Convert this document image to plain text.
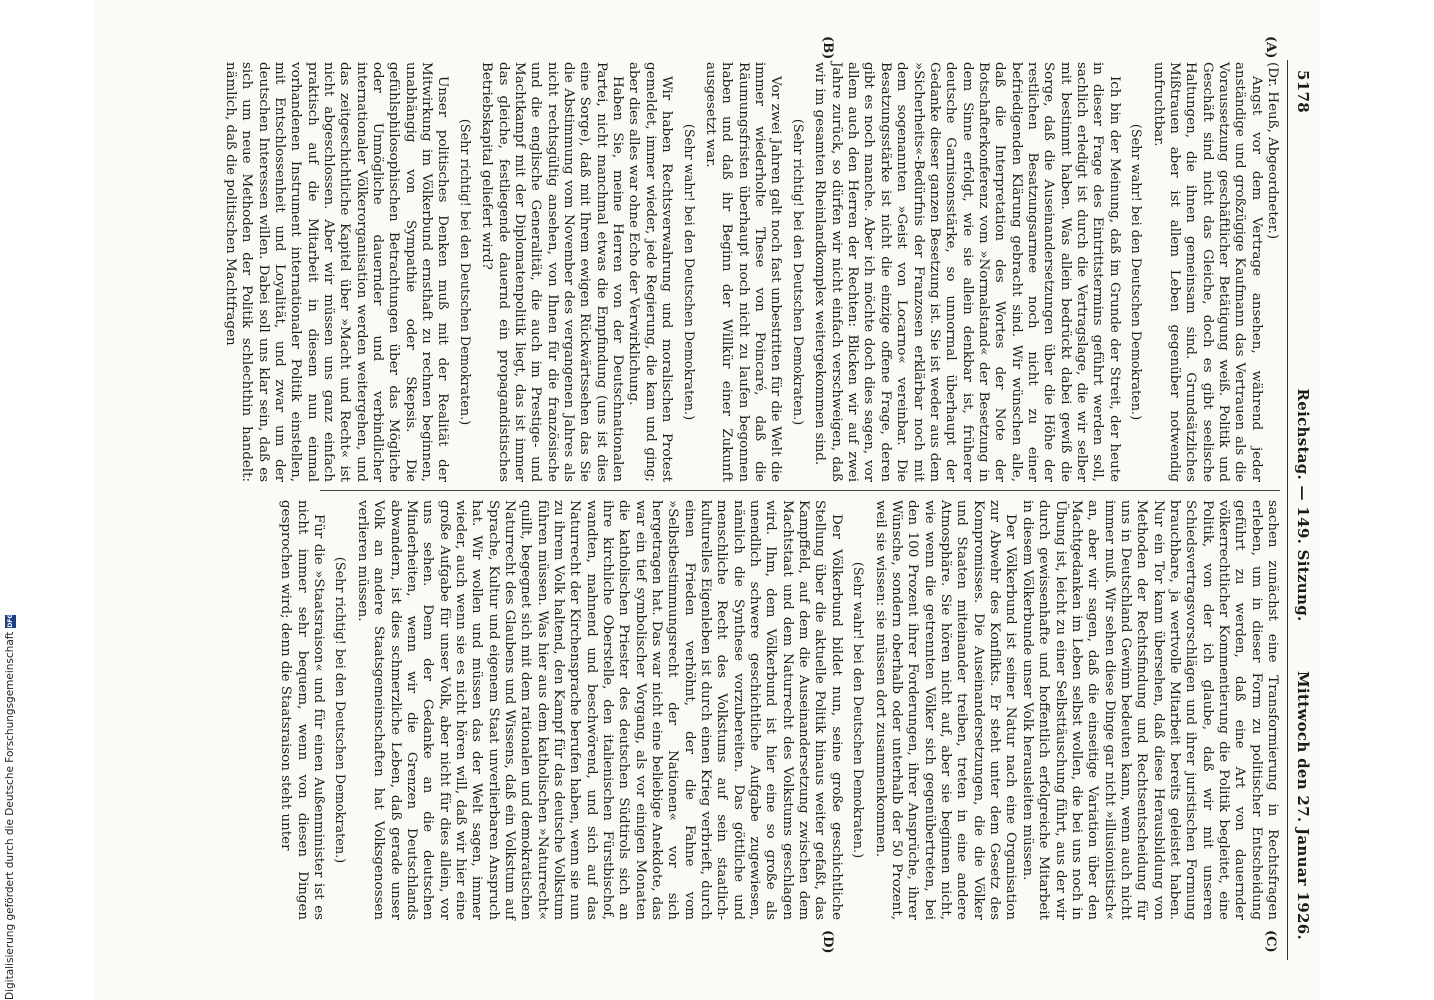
5178
Reichstag. — 149. Sitzung.
Mittwoch den 27. Januar 1926.
(A)
(B)
(C)
(D)

(Dr. Heuß, Abgeordneter.)

Angst vor dem Vertrage ansehen, während jeder anständige und großzügige Kaufmann das Vertrauen als die Voraussetzung geschäftlicher Betätigung weiß. Politik und Geschäft sind nicht das Gleiche, doch es gibt seelische Haltungen, die ihnen gemeinsam sind. Grundsätzliches Mißtrauen aber ist allem Leben gegenüber notwendig unfruchtbar.

(Sehr wahr! bei den Deutschen Demokraten.)

Ich bin der Meinung, daß im Grunde der Streit, der heute in dieser Frage des Eintrittstermins geführt werden soll, sachlich erledigt ist durch die Vertragslage, die wir selber mit bestimmt haben. Was allein bedrückt dabei gewiß die Sorge, daß die Auseinandersetzungen über die Höhe der restlichen Besatzungsarmee noch nicht zu einer befriedigenden Klärung gebracht sind. Wir wünschen alle, daß die Interpretation des Wortes der Note der Botschafterkonferenz vom »Normalstand« der Besetzung in dem Sinne erfolgt, wie sie allein denkbar ist, früherer deutsche Garnisonsstärke, so unnormal überhaupt der Gedanke dieser ganzen Besetzung ist. Sie ist weder aus dem »Sicherheits«-Bedürfnis der Franzosen erklärbar noch mit dem sogenannten »Geist von Locarno« vereinbar. Die Besatzungsstärke ist nicht die einzige offene Frage, deren gibt es noch manche. Aber ich möchte doch dies sagen, vor allem auch den Herren der Rechten: Blicken wir auf zwei Jahre zurück, so dürfen wir nicht einfach verschweigen, daß wir im gesamten Rheinlandkomplex weitergekommen sind.

(Sehr richtig! bei den Deutschen Demokraten.)

Vor zwei Jahren galt noch fast unbestritten für die Welt die immer wiederholte These von Poincaré, daß die Räumungsfristen überhaupt noch nicht zu laufen begonnen haben und daß ihr Beginn der Willkür einer Zukunft ausgesetzt war.

(Sehr wahr! bei den Deutschen Demokraten.)

Wir haben Rechtsverwahrung und moralischen Protest gemeldet, immer wieder, jede Regierung, die kam und ging; aber dies alles war ohne Echo der Verwirklichung.

Haben Sie, meine Herren von der Deutschnationalen Partei, nicht manchmal etwas die Empfindung (uns ist dies eine Sorge), daß mit Ihrem ewigen Rückwärtssehen das Sie die Abstimmung vom November des vergangenen Jahres als nicht rechtsgültig ansehen, von Ihnen für die französische und die englische Generalität, die auch im Prestige- und Machtkampf mit der Diplomatenpolitik liegt, das ist immer das gleiche, festliegende dauernd ein propagandistisches Betriebskapital geliefert wird?

(Sehr richtig! bei den Deutschen Demokraten.)

Unser politisches Denken muß mit der Realität der Mitwirkung im Völkerbund ernsthaft zu rechnen beginnen, unabhängig von Sympathie oder Skepsis. Die gefühlsphilosophischen Betrachtungen über das Mögliche oder Unmögliche dauernder und verbindlicher internationaler Völkerorganisation werden weitergehen, und das zeitgeschichtliche Kapitel über »Macht und Recht« ist nicht abgeschlossen. Aber wir müssen uns ganz einfach praktisch auf die Mitarbeit in diesem nun einmal vorhandenen Instrument internationaler Politik einstellen, mit Entschlossenheit und Loyalität, und zwar um der deutschen Interessen willen. Dabei soll uns klar sein, daß es sich um neue Methoden der Politik schlechthin handelt: nämlich, daß die politischen Machtfragen

sachen zunächst eine Transformierung in Rechtsfragen erleben, um in dieser Form zu politischer Entscheidung geführt zu werden, daß eine Art von dauernder völkerrechtlicher Kommentierung die Politik begleitet, eine Politik, von der ich glaube, daß wir mit unseren Schiedsvertragsvorschlägen und ihrer juristischen Formung brauchbare, ja wertvolle Mitarbeit bereits geleistet haben. Nur ein Tor kann übersehen, daß diese Herausbildung von Methoden der Rechtsfindung und Rechtsentscheidung für uns in Deutschland Gewinn bedeuten kann, wenn auch nicht immer muß. Wir sehen diese Dinge gar nicht »illusionistisch« an, aber wir sagen, daß die einseitige Variation über den Machtgedanken im Leben selbst wollen, die bei uns noch in Übung ist, leicht zu einer Selbsttäuschung führt, aus der wir durch gewissenhafte und hoffentlich erfolgreiche Mitarbeit in diesem Völkerbunde unser Volk herausleiten müssen.

Der Völkerbund ist seiner Natur nach eine Organisation zur Abwehr des Konflikts. Er steht unter dem Gesetz des Kompromisses. Die Auseinandersetzungen, die die Völker und Staaten miteinander treiben, treten in eine andere Atmosphäre. Sie hören nicht auf, aber sie beginnen nicht, wie wenn die getrennten Völker sich gegenübertreten, bei den 100 Prozent ihrer Forderungen, ihrer Ansprüche, ihrer Wünsche, sondern oberhalb oder unterhalb der 50 Prozent, weil sie wissen: sie müssen dort zusammenkommen.

(Sehr wahr! bei den Deutschen Demokraten.)

Der Völkerbund bildet nun, seine große geschichtliche Stellung über die aktuelle Politik hinaus weiter gefaßt, das Kampffeld, auf dem die Auseinandersetzung zwischen dem Machtstaat und dem Naturrecht des Volkstums geschlagen wird. Ihm, dem Völkerbund ist hier eine so große als unendlich schwere geschichtliche Aufgabe zugewiesen, nämlich die Synthese vorzubereiten. Das göttliche und menschliche Recht des Volkstums auf sein staatlich-kulturelles Eigenleben ist durch einen Krieg verbrieft, durch einen Frieden verhöhnt, der die Fahne vom »Selbstbestimmungsrecht der Nationen« vor sich hergetragen hat. Das war nicht eine beliebige Anekdote, das war ein tief symbolischer Vorgang, als vor einigen Monaten die katholischen Priester des deutschen Südtirols sich an ihre kirchliche Oberstelle, den italienischen Fürstbischof, wandten, mahnend und beschwörend, und sich auf das Naturrecht der Kirchensprache berufen haben, wenn sie nun zu ihrem Volk haltend, den Kampf für das deutsche Volkstum führen müssen. Was hier aus dem katholischen »Naturrecht« quillt, begegnet sich mit dem rationalen und demokratischen Naturrecht des Glaubens und Wissens, daß ein Volkstum auf Sprache, Kultur und eigenem Staat unverlierbaren Anspruch hat. Wir wollen und müssen das der Welt sagen, immer wieder, auch wenn sie es nicht hören will, daß wir hier eine große Aufgabe für unser Volk, aber nicht für dies allein, vor uns sehen. Denn der Gedanke an die deutschen Minderheiten, wenn wir die Grenzen Deutschlands abwandern, ist dies schmerzliche Leben, daß gerade unser Volk an andere Staatsgemeinschaften hat Volksgenossen verlieren müssen.

(Sehr richtig! bei den Deutschen Demokraten.)

Für die »Staatsraison« und für einen Außenminister ist es nicht immer sehr bequem, wenn von diesen Dingen gesprochen wird; denn die Staatsraison steht unter

Digitalisierung gefördert durch die Deutsche Forschungsgemeinschaft
DFG
